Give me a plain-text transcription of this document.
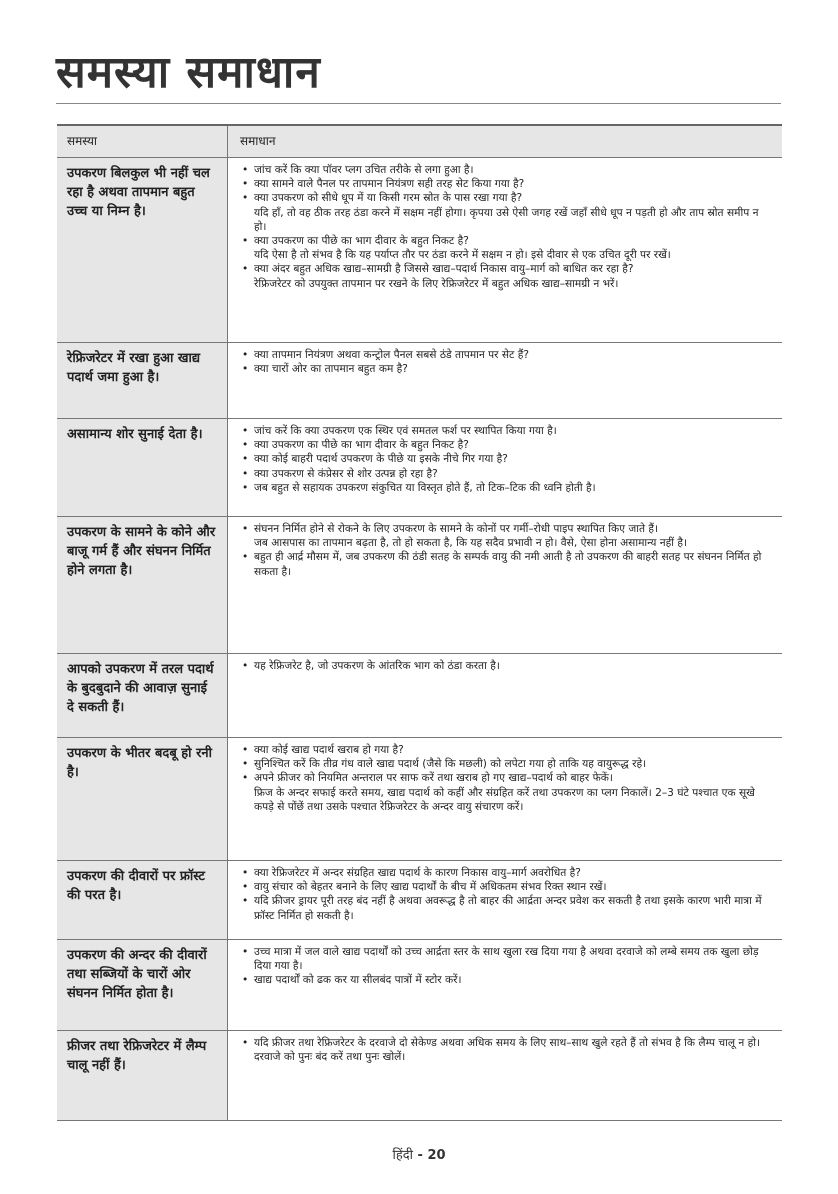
समस्या समाधान
समस्या	समाधान
उपकरण बिलकुल भी नहीं चल रहा है अथवा तापमान बहुत उच्च या निम्न है।
• जांच करें कि क्या पॉवर प्लग उचित तरीके से लगा हुआ है।
• क्या सामने वाले पैनल पर तापमान नियंत्रण सही तरह सेट किया गया है?
• क्या उपकरण को सीधे धूप में या किसी गरम स्रोत के पास रखा गया है?
यदि हाँ, तो वह ठीक तरह ठंडा करने में सक्षम नहीं होगा। कृपया उसे ऐसी जगह रखें जहाँ सीधे धूप न पड़ती हो और ताप स्रोत समीप न हो।
• क्या उपकरण का पीछे का भाग दीवार के बहुत निकट है?
यदि ऐसा है तो संभव है कि यह पर्याप्त तौर पर ठंडा करने में सक्षम न हो। इसे दीवार से एक उचित दूरी पर रखें।
• क्या अंदर बहुत अधिक खाद्य–सामग्री है जिससे खाद्य–पदार्थ निकास वायु–मार्ग को बाधित कर रहा है?
रेफ्रिजरेटर को उपयुक्त तापमान पर रखने के लिए रेफ्रिजरेटर में बहुत अधिक खाद्य–सामग्री न भरें।
रेफ्रिजरेटर में रखा हुआ खाद्य पदार्थ जमा हुआ है।
• क्या तापमान नियंत्रण अथवा कन्ट्रोल पैनल सबसे ठंडे तापमान पर सेट हैं?
• क्या चारों ओर का तापमान बहुत कम है?
असामान्य शोर सुनाई देता है।
•	जांच करें कि क्या उपकरण एक स्थिर एवं समतल फर्श पर स्थापित किया गया है।
• क्या उपकरण का पीछे का भाग दीवार के बहुत निकट है?
• क्या कोई बाहरी पदार्थ उपकरण के पीछे या इसके नीचे गिर गया है?
• क्या उपकरण से कंप्रेसर से शोर उत्पन्न हो रहा है?
• जब बहुत से सहायक उपकरण संकुचित या विस्तृत होते हैं, तो टिक–टिक की ध्वनि होती है।
उपकरण के सामने के कोने और बाजू गर्म हैं और संघनन निर्मित होने लगता है।
• संघनन निर्मित होने से रोकने के लिए उपकरण के सामने के कोनों पर गर्मी–रोधी पाइप स्थापित किए जाते हैं।
जब आसपास का तापमान बढ़ता है, तो हो सकता है, कि यह सदैव प्रभावी न हो। वैसे, ऐसा होना असामान्य नहीं है।
• बहुत ही आर्द्र मौसम में, जब उपकरण की ठंडी सतह के सम्पर्क वायु की नमी आती है तो उपकरण की बाहरी सतह पर संघनन निर्मित हो सकता है।
आपको उपकरण में तरल पदार्थ के बुदबुदाने की आवाज़ सुनाई दे सकती हैं।
• यह रेफ्रिजरेट है, जो उपकरण के आंतरिक भाग को ठंडा करता है।
उपकरण के भीतर बदबू हो रनी है।
• क्या कोई खाद्य पदार्थ खराब हो गया है?
• सुनिश्चित करें कि तीव्र गंध वाले खाद्य पदार्थ (जैसे कि मछली) को लपेटा गया हो ताकि यह वायुरूद्ध रहे।
• अपने फ्रीजर को नियमित अन्तराल पर साफ करें तथा खराब हो गए खाद्य–पदार्थ को बाहर फेकें।
फ्रिज के अन्दर सफाई करते समय, खाद्य पदार्थ को कहीं और संग्रहित करें तथा उपकरण का प्लग निकालें। 2–3 घंटे पश्चात एक सूखे कपड़े से पोंछें तथा उसके पश्चात रेफ्रिजरेटर के अन्दर वायु संचारण करें।
उपकरण की दीवारों पर फ्रॉस्ट की परत है।
• क्या रेफ्रिजरेटर में अन्दर संग्रहित खाद्य पदार्थ के कारण निकास वायु–मार्ग अवरोधित है?
• वायु संचार को बेहतर बनाने के लिए खाद्य पदार्थों के बीच में अधिकतम संभव रिक्त स्थान रखें।
• यदि फ्रीजर ड्रायर पूरी तरह बंद नहीं है अथवा अवरूद्ध है तो बाहर की आर्द्रता अन्दर प्रवेश कर सकती है तथा इसके कारण भारी मात्रा में फ्रॉस्ट निर्मित हो सकती है।
उपकरण की अन्दर की दीवारों तथा सब्जियों के चारों ओर संघनन निर्मित होता है।
• उच्च मात्रा में जल वाले खाद्य पदार्थों को उच्च आर्द्रता स्तर के साथ खुला रख दिया गया है अथवा दरवाजे को लम्बे समय तक खुला छोड़ दिया गया है।
• खाद्य पदार्थों को ढक कर या सीलबंद पात्रों में स्टोर करें।
फ्रीजर तथा रेफ्रिजरेटर में लैम्प चालू नहीं हैं।
• यदि फ्रीजर तथा रेफ्रिजरेटर के दरवाजे दो सेकेण्ड अथवा अधिक समय के लिए साथ–साथ खुले रहते हैं तो संभव है कि लैम्प चालू न हो। दरवाजे को पुनः बंद करें तथा पुनः खोलें।
हिंदी - 20
